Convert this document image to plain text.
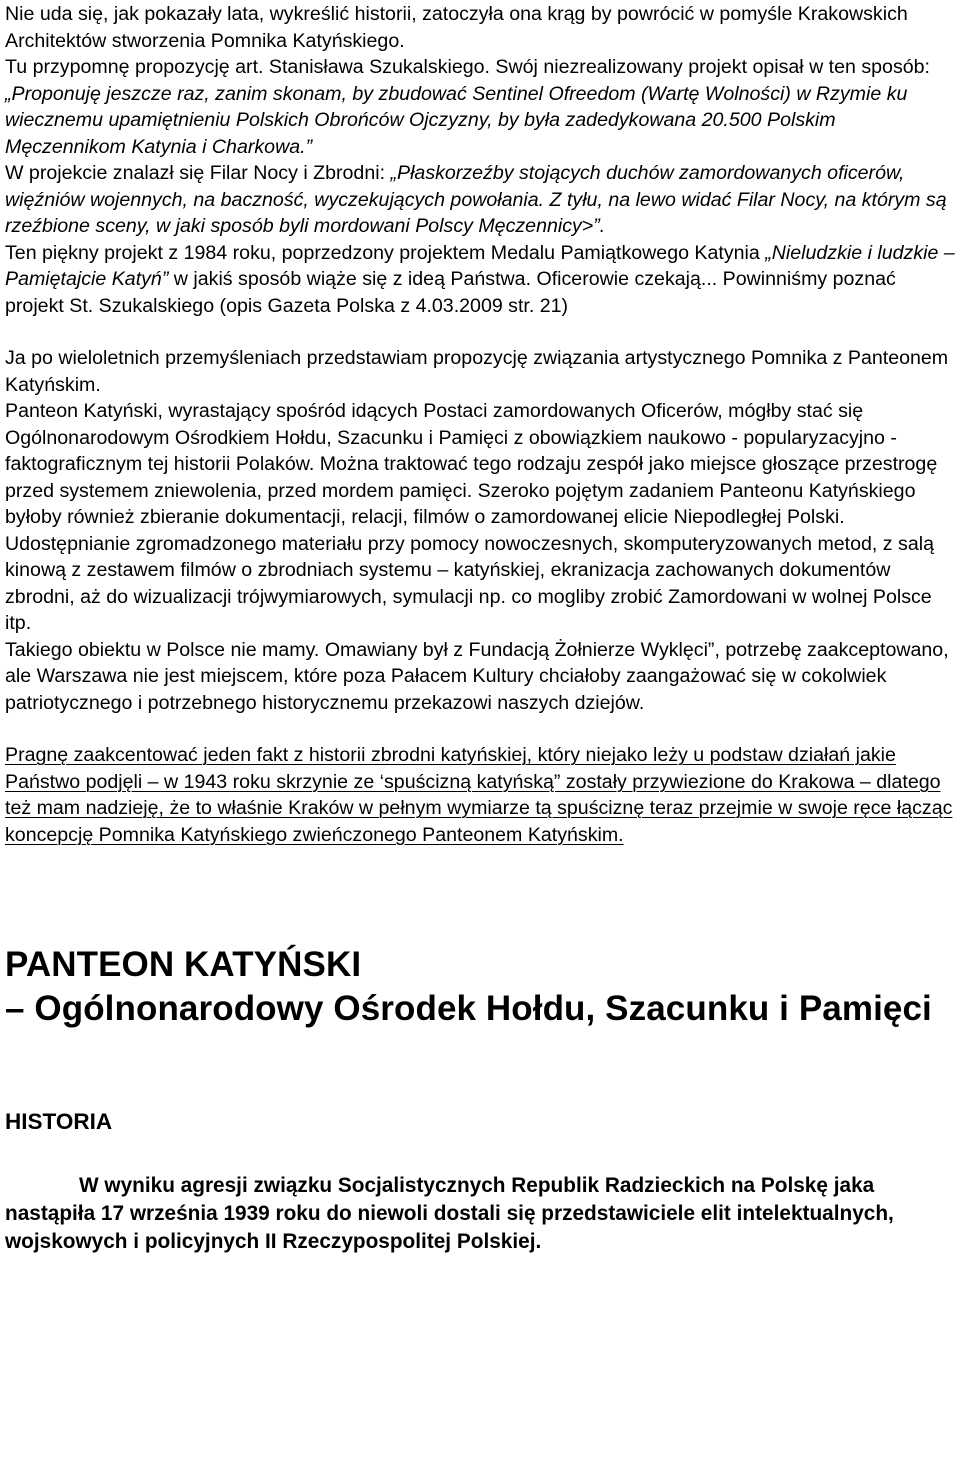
Nie uda się, jak pokazały lata, wykreślić historii, zatoczyła ona krąg by powrócić w pomyśle Krakowskich Architektów stworzenia Pomnika Katyńskiego.
Tu przypomnę propozycję art. Stanisława Szukalskiego. Swój niezrealizowany projekt opisał w ten sposób:
„Proponuję jeszcze raz, zanim skonam, by zbudować Sentinel Ofreedom (Wartę Wolności) w Rzymie ku wiecznemu upamiętnieniu Polskich Obrońców Ojczyzny, by była zadedykowana 20.500 Polskim Męczennikom Katynia i Charkowa.”
W projekcie znalazł się Filar Nocy i Zbrodni: „Płaskorzeźby stojących duchów zamordowanych oficerów, więźniów wojennych, na baczność, wyczekujących powołania. Z tyłu, na lewo widać Filar Nocy, na którym są rzeźbione sceny, w jaki sposób byli mordowani Polscy Męczennicy>”.
Ten piękny projekt z 1984 roku, poprzedzony projektem Medalu Pamiątkowego Katynia „Nieludzkie i ludzkie – Pamiętajcie Katyń” w jakiś sposób wiąże się z ideą Państwa. Oficerowie czekają... Powinniśmy poznać projekt St. Szukalskiego (opis Gazeta Polska z 4.03.2009 str. 21)

Ja po wieloletnich przemyśleniach przedstawiam propozycję związania artystycznego Pomnika z Panteonem Katyńskim.
Panteon Katyński, wyrastający spośród idących Postaci zamordowanych Oficerów, mógłby stać się Ogólnonarodowym Ośrodkiem Hołdu, Szacunku i Pamięci z obowiązkiem naukowo - popularyzacyjno - faktograficznym tej historii Polaków. Można traktować tego rodzaju zespół jako miejsce głoszące przestrogę przed systemem zniewolenia, przed mordem pamięci. Szeroko pojętym zadaniem Panteonu Katyńskiego byłoby również zbieranie dokumentacji, relacji, filmów o zamordowanej elicie Niepodległej Polski. Udostępnianie zgromadzonego materiału przy pomocy nowoczesnych, skomputeryzowanych metod, z salą kinową z zestawem filmów o zbrodniach systemu – katyńskiej, ekranizacja zachowanych dokumentów zbrodni, aż do wizualizacji trójwymiarowych, symulacji np. co mogliby zrobić Zamordowani w wolnej Polsce itp.
Takiego obiektu w Polsce nie mamy. Omawiany był z Fundacją Żołnierze Wyklęci”, potrzebę zaakceptowano, ale Warszawa nie jest miejscem, które poza Pałacem Kultury chciałoby zaangażować się w cokolwiek patriotycznego i potrzebnego historycznemu przekazowi naszych dziejów.

Pragnę zaakcentować jeden fakt z historii zbrodni katyńskiej, który niejako leży u podstaw działań jakie Państwo podjęli – w 1943 roku skrzynie ze ‘spuścizną katyńską” zostały przywiezione do Krakowa – dlatego też mam nadzieję, że to właśnie Kraków w pełnym wymiarze tą spuściznę teraz przejmie w swoje ręce łącząc koncepcję Pomnika Katyńskiego zwieńczonego Panteonem Katyńskim.

PANTEON KATYŃSKI
– Ogólnonarodowy Ośrodek Hołdu, Szacunku i Pamięci
HISTORIA

W wyniku agresji związku Socjalistycznych Republik Radzieckich na Polskę jaka nastąpiła 17 września 1939 roku do niewoli dostali się przedstawiciele elit intelektualnych, wojskowych i policyjnych II Rzeczypospolitej Polskiej.
